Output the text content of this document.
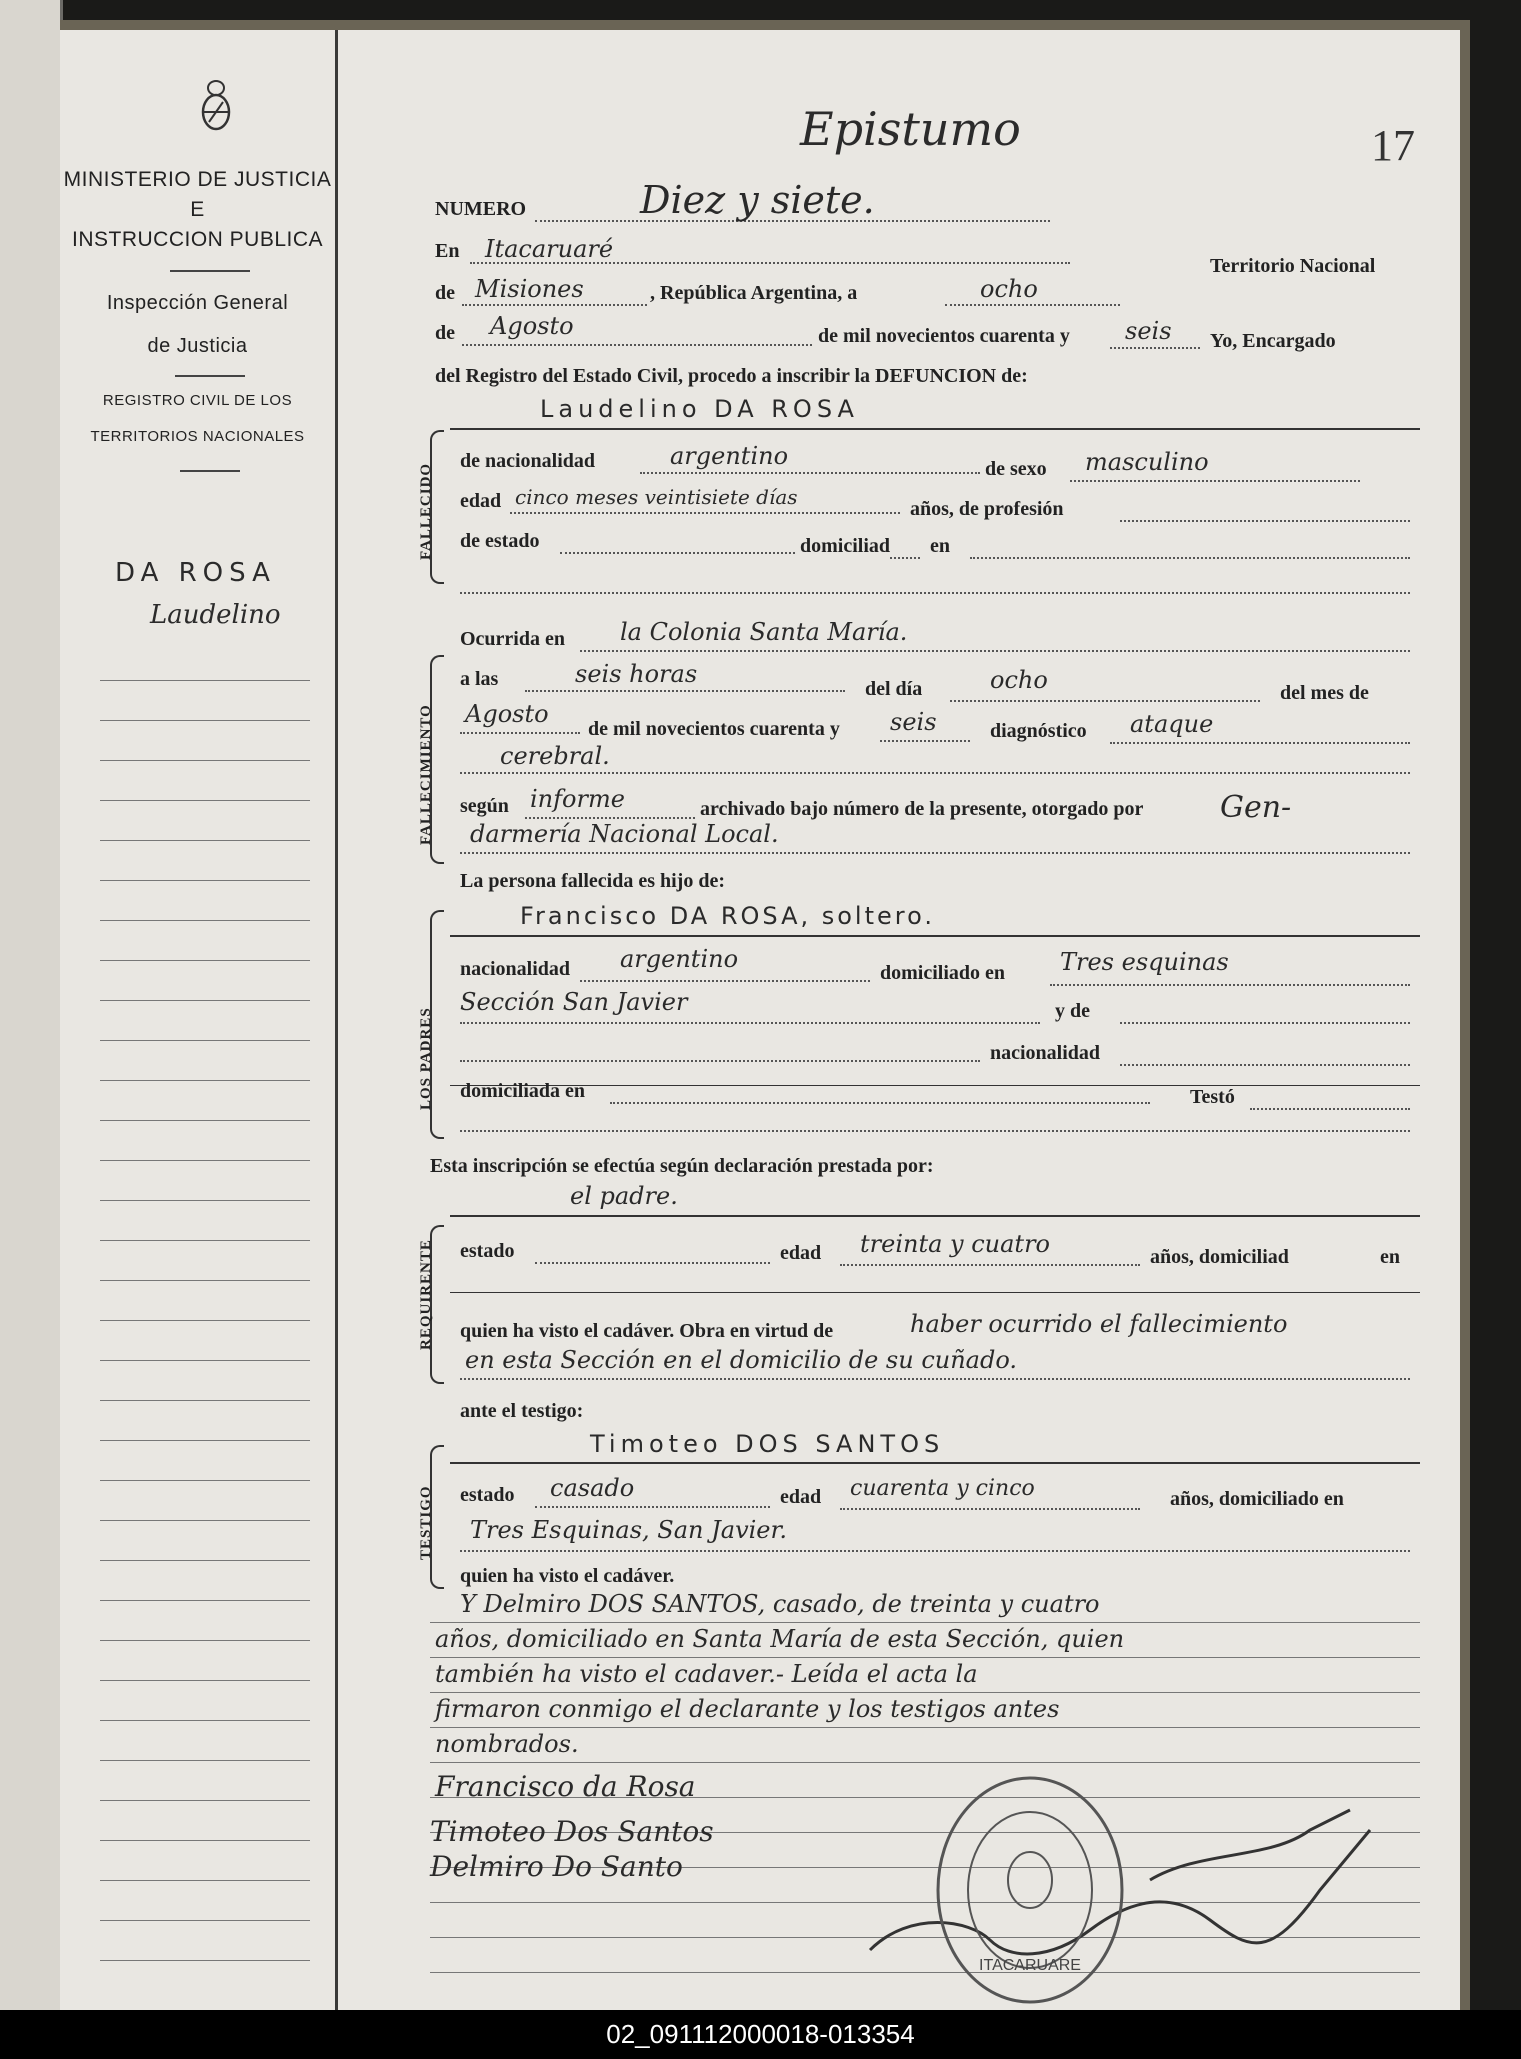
MINISTERIO DE JUSTICIA
E
INSTRUCCION PUBLICA
Inspección General
de Justicia
REGISTRO CIVIL DE LOS
TERRITORIOS NACIONALES
DA ROSA
Laudelino
Epistumo	17
NUMERO	Diez y siete.
En Itacaruaré
Territorio Nacional
de Misiones	, República Argentina, a	ocho
de Agosto	de mil novecientos cuarenta y seis Yo, Encargado
del Registro del Estado Civil, procedo a inscribir la DEFUNCION de:
FALLECIDO
Laudelino DA ROSA
de nacionalidad	argentino	de sexo masculino
edad cinco meses veintisiete días	años, de profesión
de estado	domiciliad en
FALLECIMIENTO
Ocurrida en la Colonia Santa María.
a las	seis horas
del día	ocho	del mes de
Agosto
de mil novecientos cuarenta y seis	diagnóstico ataque
cerebral.
según informe	archivado bajo número de la presente, otorgado por	Gen-
darmería Nacional Local.
La persona fallecida es hijo de:
LOS PADRES
Francisco DA ROSA, soltero.
nacionalidad argentino	domiciliado en Tres esquinas
Sección San Javier	y de
nacionalidad
domiciliada en	Testó
Esta inscripción se efectúa según declaración prestada por:
el padre.
REQUIRENTE estado	edad treinta y cuatro	años, domiciliad	en
quien ha visto el cadáver. Obra en virtud de	haber ocurrido el fallecimiento
en esta Sección en el domicilio de su cuñado.
ante el testigo:
TESTIGO
Timoteo DOS SANTOS
estado casado	edad cuarenta y cinco	años, domiciliado en
Tres Esquinas, San Javier.
quien ha visto el cadáver.
Y Delmiro DOS SANTOS, casado, de treinta y cuatro
años, domiciliado en Santa María de esta Sección, quien
también ha visto el cadaver.- Leída el acta la
firmaron conmigo el declarante y los testigos antes
nombrados.
Francisco da Rosa
Timoteo Dos Santos
Delmiro Do Santo
ITACARUARE
02_091112000018-013354
